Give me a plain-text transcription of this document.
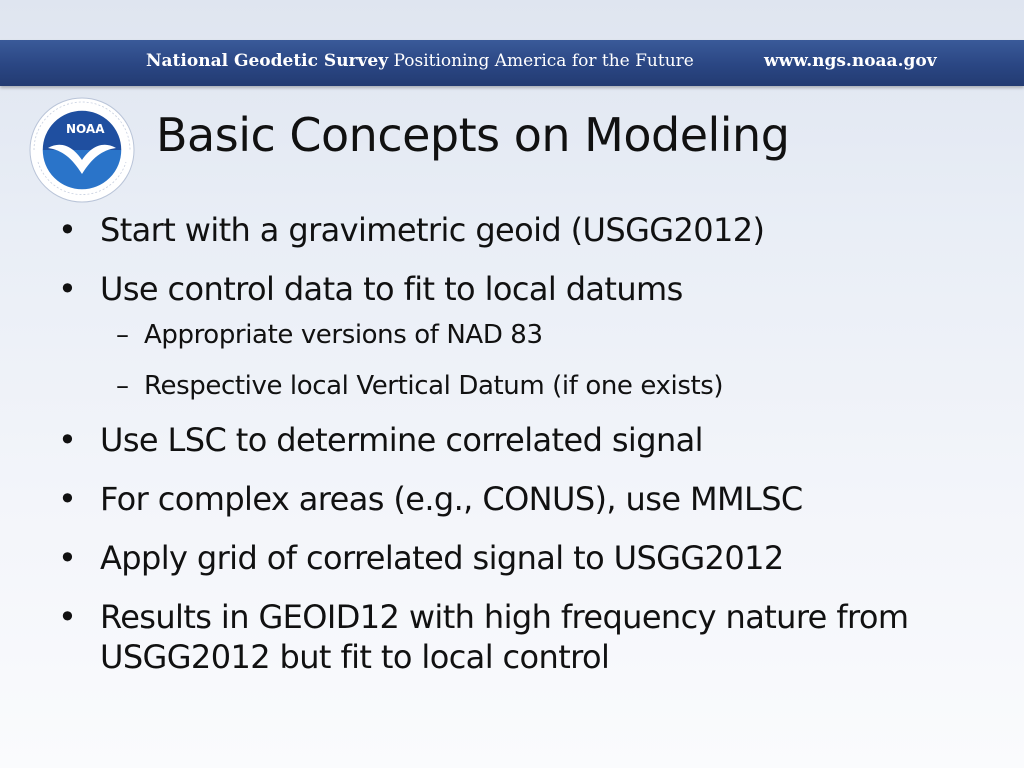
National Geodetic Survey Positioning America for the Future	www.ngs.noaa.gov
NOAA Basic Concepts on Modeling
• Start with a gravimetric geoid (USGG2012)
• Use control data to fit to local datums
– Appropriate versions of NAD 83
– Respective local Vertical Datum (if one exists)
• Use LSC to determine correlated signal
• For complex areas (e.g., CONUS), use MMLSC
• Apply grid of correlated signal to USGG2012
• Results in GEOID12 with high frequency nature from USGG2012 but fit to local control
